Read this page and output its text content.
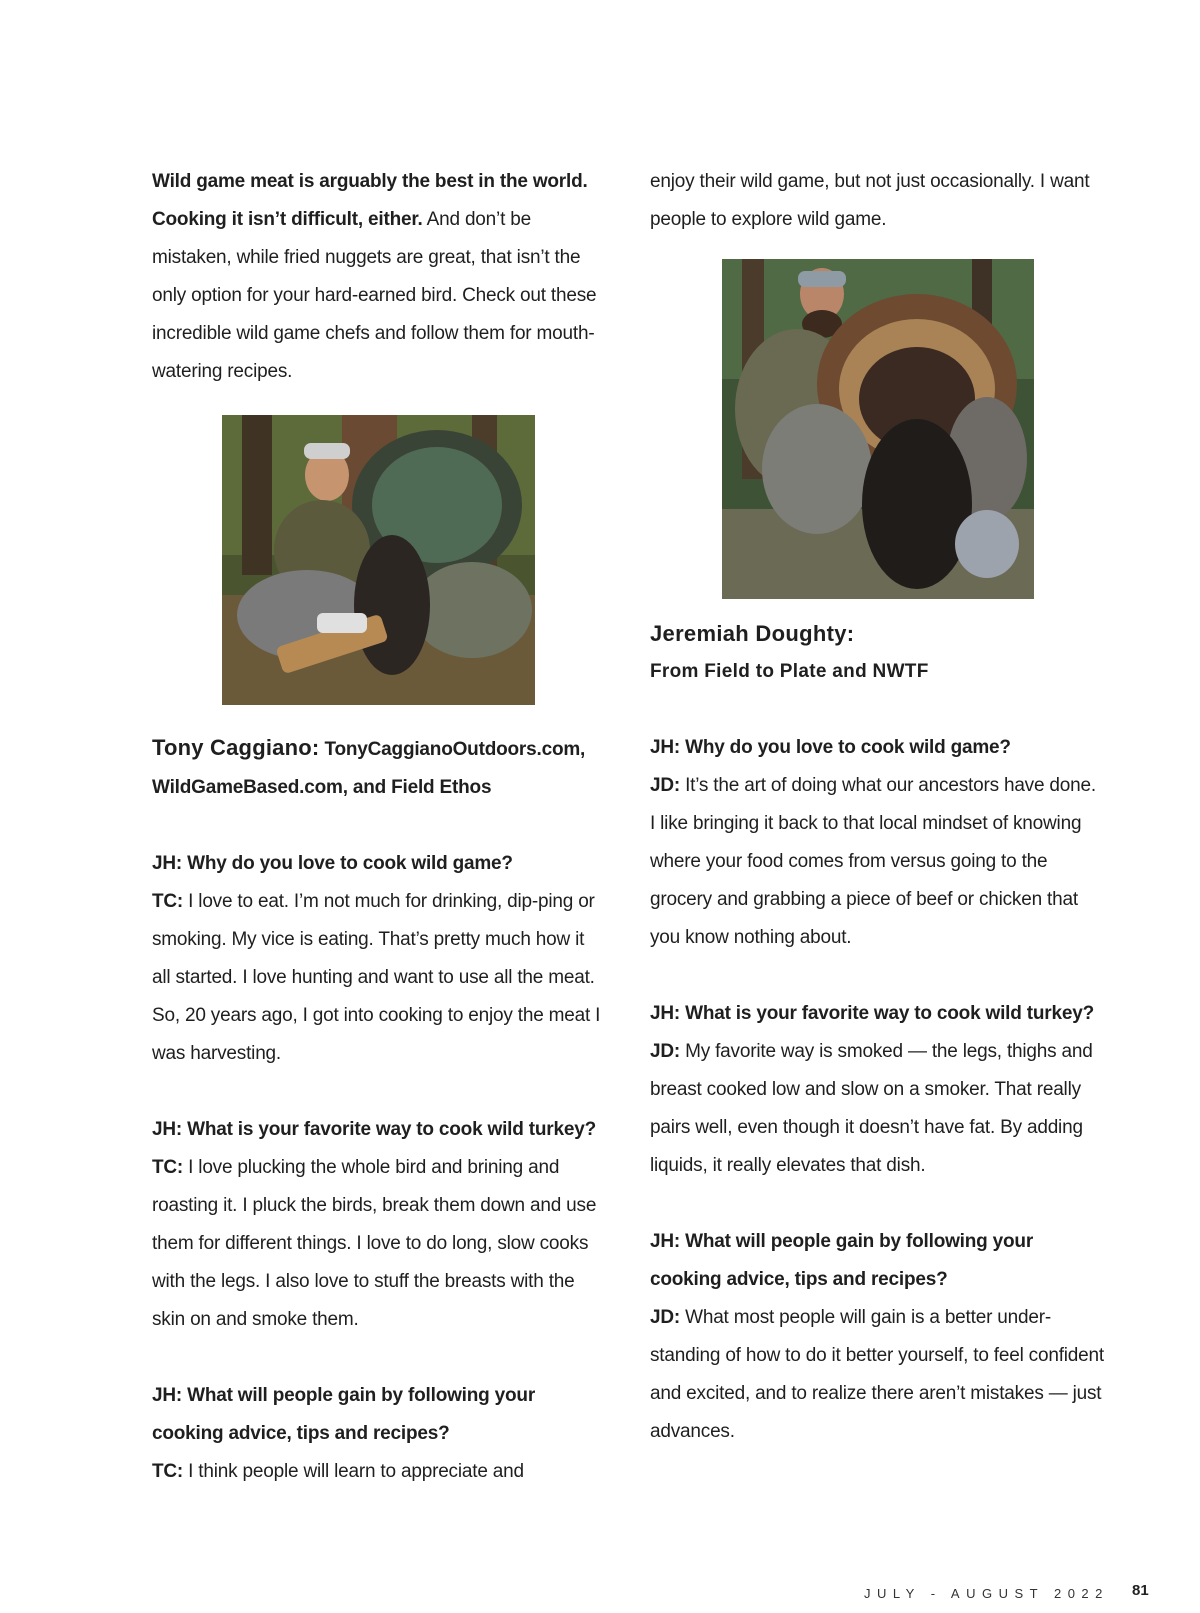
Wild game meat is arguably the best in the world. Cooking it isn’t difficult, either. And don’t be mistaken, while fried nuggets are great, that isn’t the only option for your hard-earned bird. Check out these incredible wild game chefs and follow them for mouth-watering recipes.

Tony Caggiano: TonyCaggianoOutdoors.com, WildGameBased.com, and Field Ethos

JH: Why do you love to cook wild game?

TC: I love to eat. I’m not much for drinking, dip-ping or smoking. My vice is eating. That’s pretty much how it all started. I love hunting and want to use all the meat. So, 20 years ago, I got into cooking to enjoy the meat I was harvesting.

JH: What is your favorite way to cook wild turkey?

TC: I love plucking the whole bird and brining and roasting it. I pluck the birds, break them down and use them for different things. I love to do long, slow cooks with the legs. I also love to stuff the breasts with the skin on and smoke them.

JH: What will people gain by following your cooking advice, tips and recipes?

TC: I think people will learn to appreciate and

enjoy their wild game, but not just occasionally. I want people to explore wild game.

Jeremiah Doughty:

From Field to Plate and NWTF

JH: Why do you love to cook wild game?

JD: It’s the art of doing what our ancestors have done. I like bringing it back to that local mindset of knowing where your food comes from versus going to the grocery and grabbing a piece of beef or chicken that you know nothing about.

JH: What is your favorite way to cook wild turkey?

JD: My favorite way is smoked — the legs, thighs and breast cooked low and slow on a smoker. That really pairs well, even though it doesn’t have fat. By adding liquids, it really elevates that dish.

JH: What will people gain by following your cooking advice, tips and recipes?

JD: What most people will gain is a better under-standing of how to do it better yourself, to feel confident and excited, and to realize there aren’t mistakes — just advances.

JULY - AUGUST 2022 81
